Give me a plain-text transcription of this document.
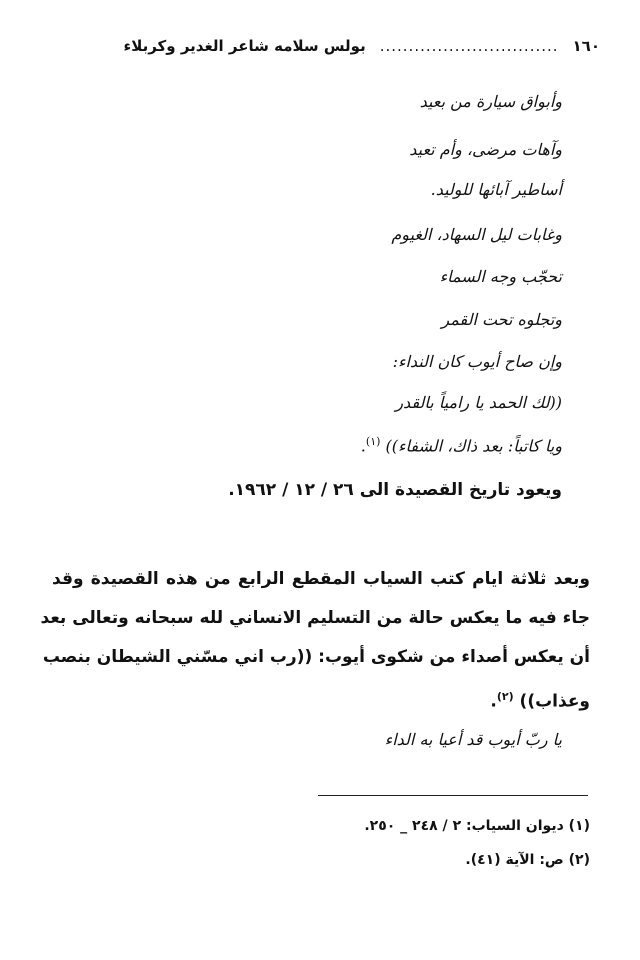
١٦٠
...............................
بولس سلامه شاعر الغدير وكربلاء
وأبواق سيارة من بعيد
وآهات مرضى، وأم تعيد
أساطير آبائها للوليد.
وغابات ليل السهاد، الغيوم
تحجّب وجه السماء
وتجلوه تحت القمر
وإن صاح أيوب كان النداء:
((لك الحمد يا رامياً بالقدر
ويا كاتباً: بعد ذاك، الشفاء)) $^{(١)}$.
ويعود تاريخ القصيدة الى ٢٦ / ١٢ / ١٩٦٢.
وبعد ثلاثة ايام كتب السياب المقطع الرابع من هذه القصيدة وقد
جاء فيه ما يعكس حالة من التسليم الانساني لله سبحانه وتعالى بعد
أن يعكس أصداء من شكوى أيوب: ((رب اني مسّني الشيطان بنصب
وعذاب)) $^{(٢)}$.
يا ربّ أيوب قد أعيا به الداء
(١) ديوان السياب: ٢ / ٢٤٨ _ ٢٥٠.
(٢) ص: الآية (٤١).
